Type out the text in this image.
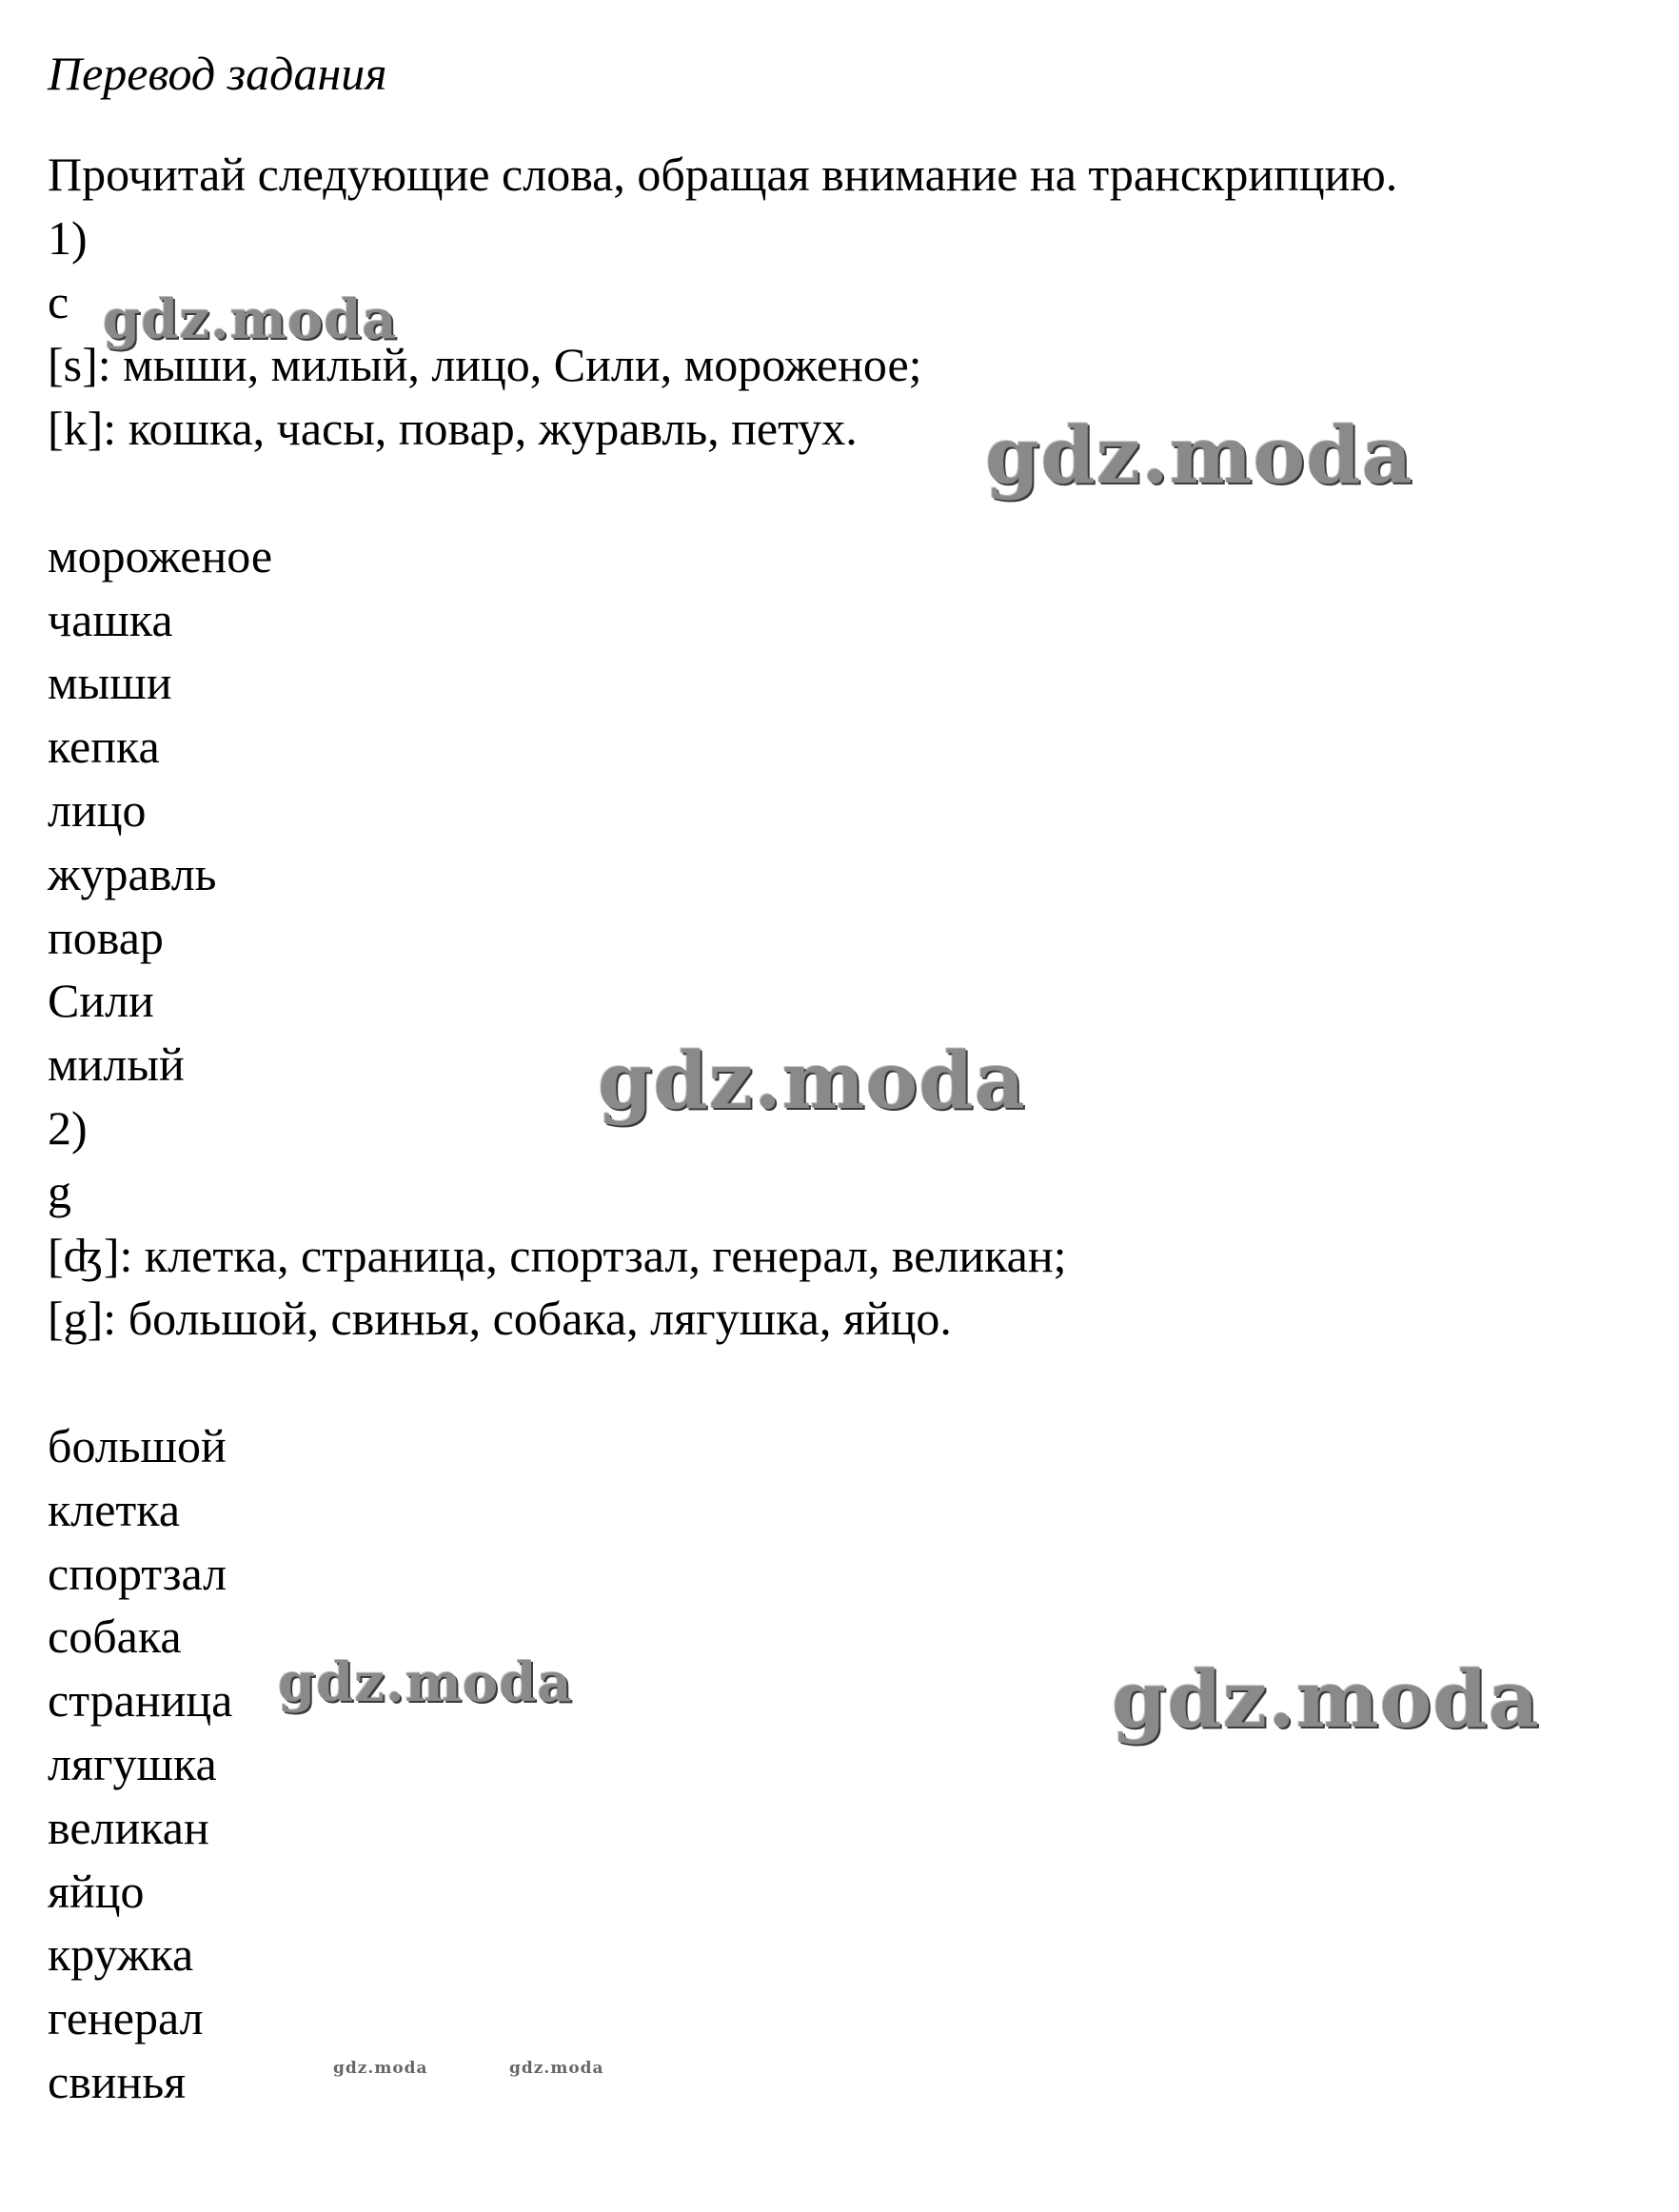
Перевод задания
Прочитай следующие слова, обращая внимание на транскрипцию.
1)
c
[s]: мыши, милый, лицо, Сили, мороженое;
[k]: кошка, часы, повар, журавль, петух.
мороженое
чашка
мыши
кепка
лицо
журавль
повар
Сили
милый
2)
g
[ʤ]: клетка, страница, спортзал, генерал, великан;
[g]: большой, свинья, собака, лягушка, яйцо.
большой
клетка
спортзал
собака
страница
лягушка
великан
яйцо
кружка
генерал
свинья
gdz.moda
gdz.moda
gdz.moda
gdz.moda	gdz.moda
gdz.moda	gdz.moda
